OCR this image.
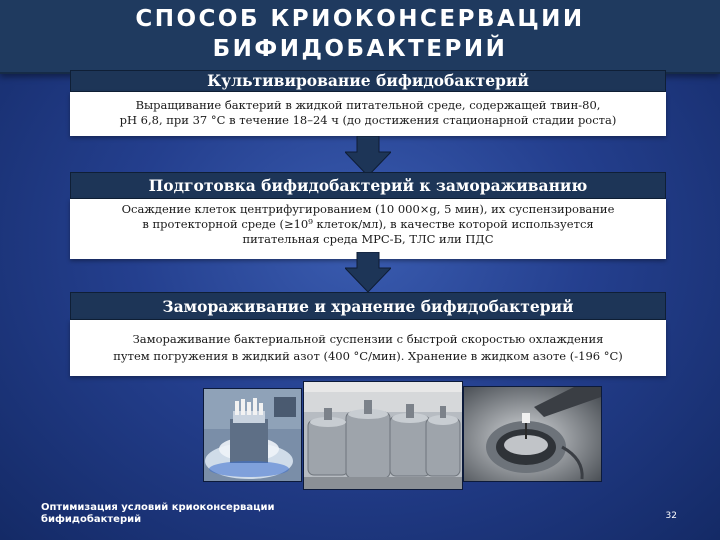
СПОСОБ КРИОКОНСЕРВАЦИИ
БИФИДОБАКТЕРИЙ
Культивирование бифидобактерий
Выращивание бактерий в жидкой питательной среде, содержащей твин-80,
рН 6,8, при 37 °С в течение 18–24 ч (до достижения стационарной стадии роста)
Подготовка бифидобактерий к замораживанию
Осаждение клеток центрифугированием (10 000×g, 5 мин), их суспензирование
в протекторной среде (≥10⁹ клеток/мл), в качестве которой используется
питательная среда МРС-Б, ТЛС или ПДС
Замораживание и хранение бифидобактерий
Замораживание бактериальной суспензии с быстрой скоростью охлаждения
путем погружения в жидкий азот (400 °С/мин). Хранение в жидком азоте (-196 °С)
Оптимизация условий криоконсервации
бифидобактерий	32
